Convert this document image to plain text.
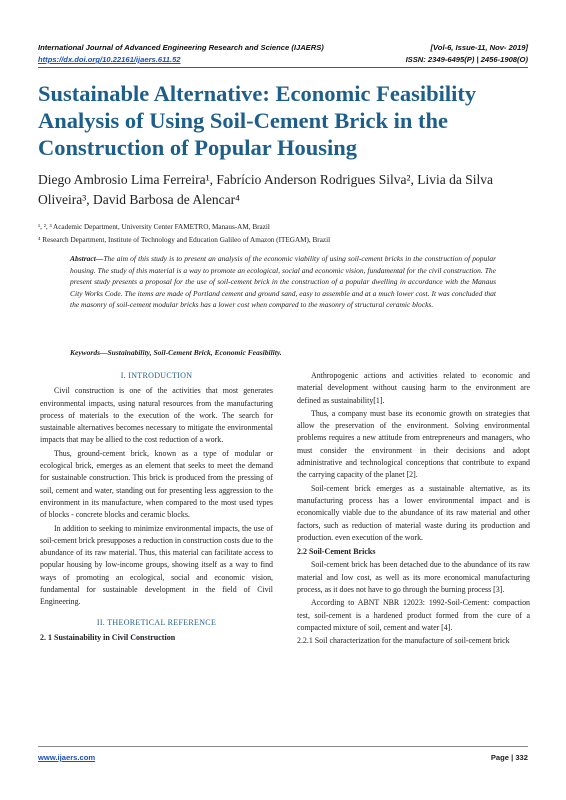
International Journal of Advanced Engineering Research and Science (IJAERS)	[Vol-6, Issue-11, Nov- 2019]
https://dx.doi.org/10.22161/ijaers.611.52	ISSN: 2349-6495(P) | 2456-1908(O)
Sustainable Alternative: Economic Feasibility Analysis of Using Soil-Cement Brick in the Construction of Popular Housing

Diego Ambrosio Lima Ferreira¹, Fabrício Anderson Rodrigues Silva², Livia da Silva Oliveira³, David Barbosa de Alencar⁴

¹, ², ³ Academic Department, University Center FAMETRO, Manaus-AM, Brazil

⁴ Research Department, Institute of Technology and Education Galileo of Amazon (ITEGAM), Brazil

Abstract—The aim of this study is to present an analysis of the economic viability of using soil-cement bricks in the construction of popular housing. The study of this material is a way to promote an ecological, social and economic vision, fundamental for the civil construction. The present study presents a proposal for the use of soil-cement brick in the construction of a popular dwelling in accordance with the Manaus City Works Code. The items are made of Portland cement and ground sand, easy to assemble and at a much lower cost. It was concluded that the masonry of soil-cement modular bricks has a lower cost when compared to the masonry of structural ceramic blocks.

Keywords—Sustainability, Soil-Cement Brick, Economic Feasibility.

I. INTRODUCTION

Civil construction is one of the activities that most generates environmental impacts, using natural resources from the manufacturing process of materials to the execution of the work. The search for sustainable alternatives becomes necessary to mitigate the environmental impacts that may be allied to the cost reduction of a work.

Thus, ground-cement brick, known as a type of modular or ecological brick, emerges as an element that seeks to meet the demand for sustainable construction. This brick is produced from the pressing of soil, cement and water, standing out for presenting less aggression to the environment in its manufacture, when compared to the most used types of blocks - concrete blocks and ceramic blocks.

In addition to seeking to minimize environmental impacts, the use of soil-cement brick presupposes a reduction in construction costs due to the abundance of its raw material. Thus, this material can facilitate access to popular housing by low-income groups, showing itself as a way to find ways of promoting an ecological, social and economic vision, fundamental for sustainable development in the field of Civil Engineering.

II. THEORETICAL REFERENCE
2. 1 Sustainability in Civil Construction

Anthropogenic actions and activities related to economic and material development without causing harm to the environment are defined as sustainability[1].

Thus, a company must base its economic growth on strategies that allow the preservation of the environment. Solving environmental problems requires a new attitude from entrepreneurs and managers, who must consider the environment in their decisions and adopt administrative and technological conceptions that contribute to expand the carrying capacity of the planet [2].

Soil-cement brick emerges as a sustainable alternative, as its manufacturing process has a lower environmental impact and is economically viable due to the abundance of its raw material and other factors, such as reduction of material waste during its production and production. even execution of the work.

2.2 Soil-Cement Bricks

Soil-cement brick has been detached due to the abundance of its raw material and low cost, as well as its more economical manufacturing process, as it does not have to go through the burning process [3].

According to ABNT NBR 12023: 1992-Soil-Cement: compaction test, soil-cement is a hardened product formed from the cure of a compacted mixture of soil, cement and water [4].

2.2.1 Soil characterization for the manufacture of soil-cement brick

www.ijaers.com	Page | 332
